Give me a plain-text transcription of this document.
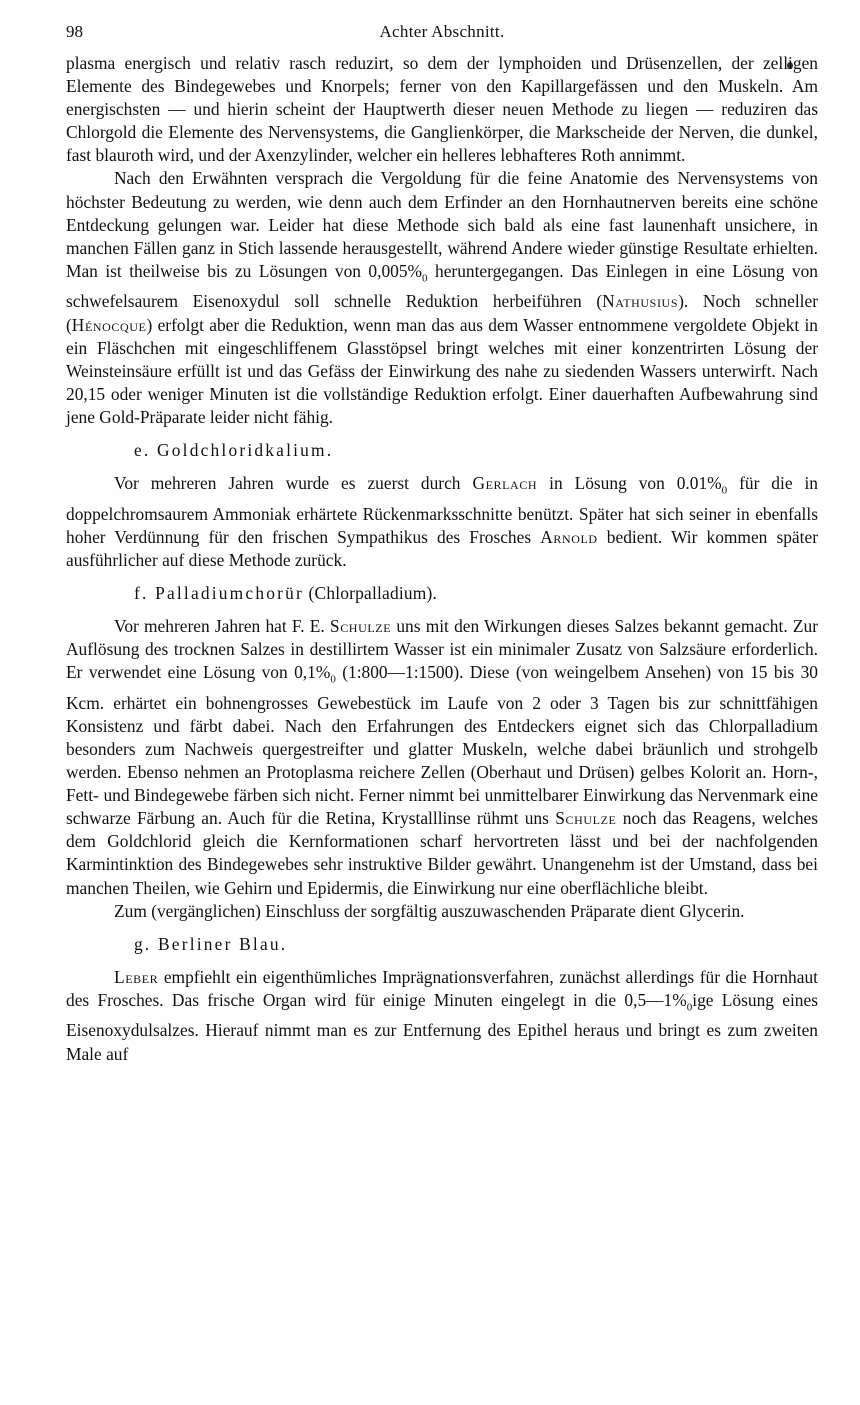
98	Achter Abschnitt.

plasma energisch und relativ rasch reduzirt, so dem der lymphoiden und Drüsenzellen, der zelligen Elemente des Bindegewebes und Knorpels; ferner von den Kapillargefässen und den Muskeln. Am energischsten — und hierin scheint der Hauptwerth dieser neuen Methode zu liegen — reduziren das Chlorgold die Elemente des Nervensystems, die Ganglienkörper, die Markscheide der Nerven, die dunkel, fast blauroth wird, und der Axenzylinder, welcher ein helleres lebhafteres Roth annimmt.

Nach den Erwähnten versprach die Vergoldung für die feine Anatomie des Nervensystems von höchster Bedeutung zu werden, wie denn auch dem Erfinder an den Hornhautnerven bereits eine schöne Entdeckung gelungen war. Leider hat diese Methode sich bald als eine fast launenhaft unsichere, in manchen Fällen ganz in Stich lassende herausgestellt, während Andere wieder günstige Resultate erhielten. Man ist theilweise bis zu Lösungen von $0,005\%_0$ heruntergegangen. Das Einlegen in eine Lösung von schwefelsaurem Eisenoxydul soll schnelle Reduktion herbeiführen (Nathusius). Noch schneller (Hénocque) erfolgt aber die Reduktion, wenn man das aus dem Wasser entnommene vergoldete Objekt in ein Fläschchen mit eingeschliffenem Glasstöpsel bringt welches mit einer konzentrirten Lösung der Weinsteinsäure erfüllt ist und das Gefäss der Einwirkung des nahe zu siedenden Wassers unterwirft. Nach 20,15 oder weniger Minuten ist die vollständige Reduktion erfolgt. Einer dauerhaften Aufbewahrung sind jene Gold-Präparate leider nicht fähig.

e. Goldchloridkalium.

Vor mehreren Jahren wurde es zuerst durch Gerlach in Lösung von $0.01\%_0$ für die in doppelchromsaurem Ammoniak erhärtete Rückenmarksschnitte benützt. Später hat sich seiner in ebenfalls hoher Verdünnung für den frischen Sympathikus des Frosches Arnold bedient. Wir kommen später ausführlicher auf diese Methode zurück.

f. Palladiumchorür (Chlorpalladium).

Vor mehreren Jahren hat F. E. Schulze uns mit den Wirkungen dieses Salzes bekannt gemacht. Zur Auflösung des trocknen Salzes in destillirtem Wasser ist ein minimaler Zusatz von Salzsäure erforderlich. Er verwendet eine Lösung von $0,1\%_0$ (1:800—1:1500). Diese (von weingelbem Ansehen) von 15 bis 30 Kcm. erhärtet ein bohnengrosses Gewebestück im Laufe von 2 oder 3 Tagen bis zur schnittfähigen Konsistenz und färbt dabei. Nach den Erfahrungen des Entdeckers eignet sich das Chlorpalladium besonders zum Nachweis quergestreifter und glatter Muskeln, welche dabei bräunlich und strohgelb werden. Ebenso nehmen an Protoplasma reichere Zellen (Oberhaut und Drüsen) gelbes Kolorit an. Horn-, Fett- und Bindegewebe färben sich nicht. Ferner nimmt bei unmittelbarer Einwirkung das Nervenmark eine schwarze Färbung an. Auch für die Retina, Krystalllinse rühmt uns Schulze noch das Reagens, welches dem Goldchlorid gleich die Kernformationen scharf hervortreten lässt und bei der nachfolgenden Karmintinktion des Bindegewebes sehr instruktive Bilder gewährt. Unangenehm ist der Umstand, dass bei manchen Theilen, wie Gehirn und Epidermis, die Einwirkung nur eine oberflächliche bleibt.

Zum (vergänglichen) Einschluss der sorgfältig auszuwaschenden Präparate dient Glycerin.

g. Berliner Blau.

Leber empfiehlt ein eigenthümliches Imprägnationsverfahren, zunächst allerdings für die Hornhaut des Frosches. Das frische Organ wird für einige Minuten eingelegt in die $0,5—1\%_0ige$ Lösung eines Eisenoxydulsalzes. Hierauf nimmt man es zur Entfernung des Epithel heraus und bringt es zum zweiten Male auf
